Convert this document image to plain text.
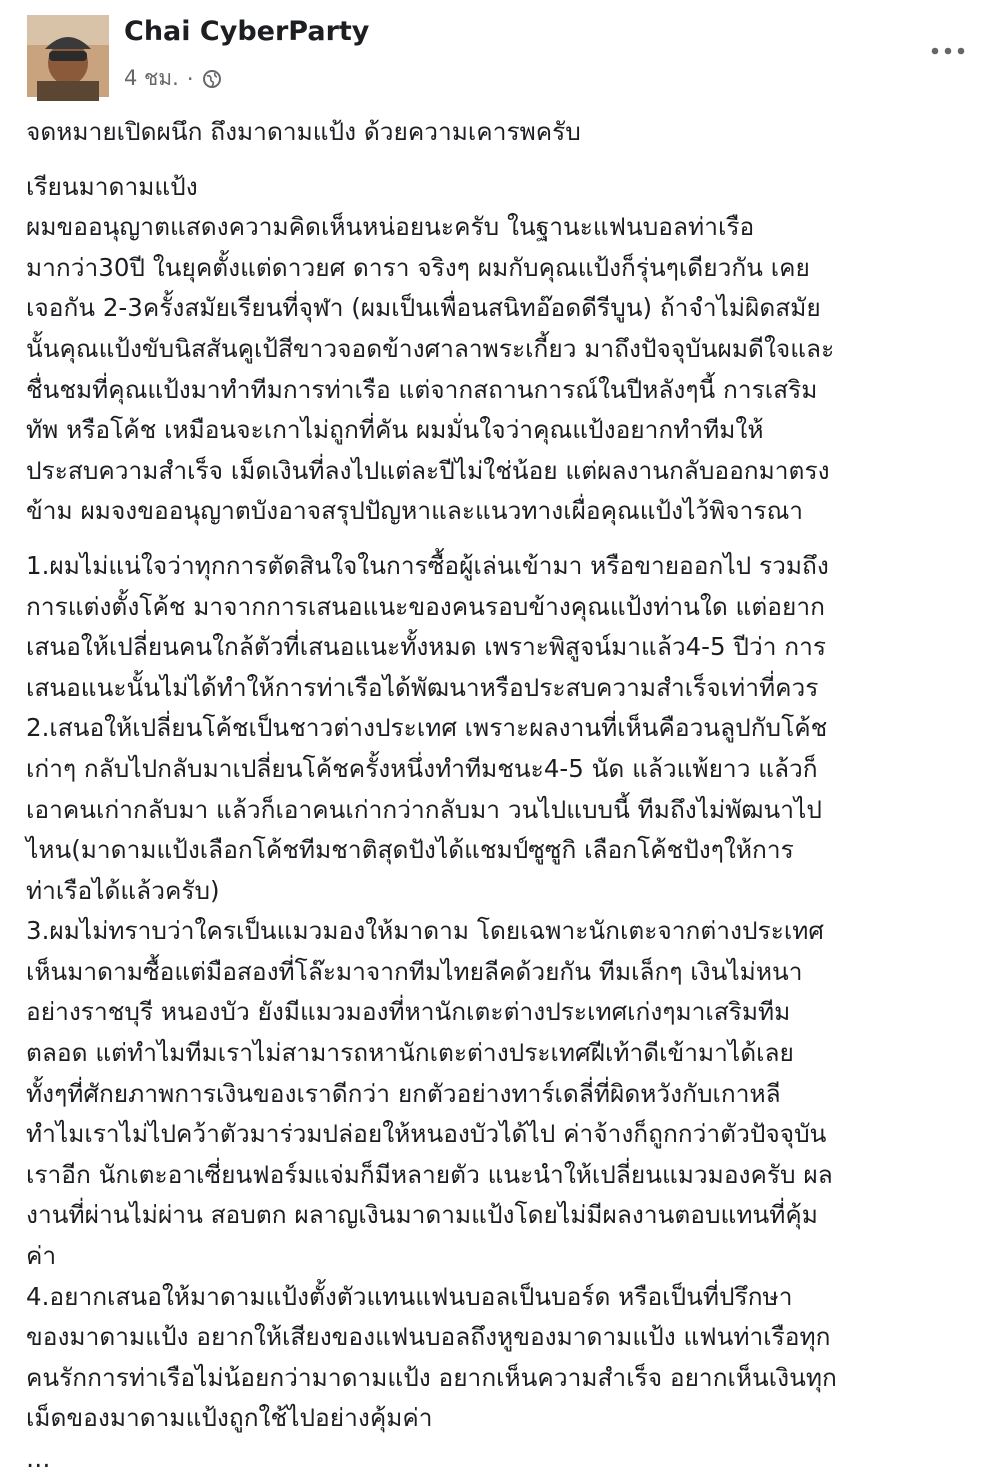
Chai CyberParty
4 ชม. ·
จดหมายเปิดผนึก ถึงมาดามแป้ง ด้วยความเคารพครับ
เรียนมาดามแป้ง
ผมขออนุญาตแสดงความคิดเห็นหน่อยนะครับ ในฐานะแฟนบอลท่าเรือ
มากว่า30ปี ในยุคตั้งแต่ดาวยศ ดารา จริงๆ ผมกับคุณแป้งก็รุ่นๆเดียวกัน เคย
เจอกัน 2-3ครั้งสมัยเรียนที่จุฬา (ผมเป็นเพื่อนสนิทอ๊อดดีรีบูน) ถ้าจำไม่ผิดสมัย
นั้นคุณแป้งขับนิสสันคูเป้สีขาวจอดข้างศาลาพระเกี้ยว มาถึงปัจจุบันผมดีใจและ
ชื่นชมที่คุณแป้งมาทำทีมการท่าเรือ แต่จากสถานการณ์ในปีหลังๆนี้ การเสริม
ทัพ หรือโค้ช เหมือนจะเกาไม่ถูกที่คัน ผมมั่นใจว่าคุณแป้งอยากทำทีมให้
ประสบความสำเร็จ เม็ดเงินที่ลงไปแต่ละปีไม่ใช่น้อย แต่ผลงานกลับออกมาตรง
ข้าม ผมจงขออนุญาตบังอาจสรุปปัญหาและแนวทางเผื่อคุณแป้งไว้พิจารณา
1.ผมไม่แน่ใจว่าทุกการตัดสินใจในการซื้อผู้เล่นเข้ามา หรือขายออกไป รวมถึง
การแต่งตั้งโค้ช มาจากการเสนอแนะของคนรอบข้างคุณแป้งท่านใด แต่อยาก
เสนอให้เปลี่ยนคนใกล้ตัวที่เสนอแนะทั้งหมด เพราะพิสูจน์มาแล้ว4-5 ปีว่า การ
เสนอแนะนั้นไม่ได้ทำให้การท่าเรือได้พัฒนาหรือประสบความสำเร็จเท่าที่ควร
2.เสนอให้เปลี่ยนโค้ชเป็นชาวต่างประเทศ เพราะผลงานที่เห็นคือวนลูปกับโค้ช
เก่าๆ กลับไปกลับมาเปลี่ยนโค้ชครั้งหนึ่งทำทีมชนะ4-5 นัด แล้วแพ้ยาว แล้วก็
เอาคนเก่ากลับมา แล้วก็เอาคนเก่ากว่ากลับมา วนไปแบบนี้ ทีมถึงไม่พัฒนาไป
ไหน(มาดามแป้งเลือกโค้ชทีมชาติสุดปังได้แชมป์ซูซูกิ เลือกโค้ชปังๆให้การ
ท่าเรือได้แล้วครับ)
3.ผมไม่ทราบว่าใครเป็นแมวมองให้มาดาม โดยเฉพาะนักเตะจากต่างประเทศ
เห็นมาดามซื้อแต่มือสองที่โล๊ะมาจากทีมไทยลีคด้วยกัน ทีมเล็กๆ เงินไม่หนา
อย่างราชบุรี หนองบัว ยังมีแมวมองที่หานักเตะต่างประเทศเก่งๆมาเสริมทีม
ตลอด แต่ทำไมทีมเราไม่สามารถหานักเตะต่างประเทศฝีเท้าดีเข้ามาได้เลย
ทั้งๆที่ศักยภาพการเงินของเราดีกว่า ยกตัวอย่างทาร์เดลี่ที่ผิดหวังกับเกาหลี
ทำไมเราไม่ไปคว้าตัวมาร่วมปล่อยให้หนองบัวได้ไป ค่าจ้างก็ถูกกว่าตัวปัจจุบัน
เราอีก นักเตะอาเซี่ยนฟอร์มแจ่มก็มีหลายตัว แนะนำให้เปลี่ยนแมวมองครับ ผล
งานที่ผ่านไม่ผ่าน สอบตก ผลาญเงินมาดามแป้งโดยไม่มีผลงานตอบแทนที่คุ้ม
ค่า
4.อยากเสนอให้มาดามแป้งตั้งตัวแทนแฟนบอลเป็นบอร์ด หรือเป็นที่ปรึกษา
ของมาดามแป้ง อยากให้เสียงของแฟนบอลถึงหูของมาดามแป้ง แฟนท่าเรือทุก
คนรักการท่าเรือไม่น้อยกว่ามาดามแป้ง อยากเห็นความสำเร็จ อยากเห็นเงินทุก
เม็ดของมาดามแป้งถูกใช้ไปอย่างคุ้มค่า
…
